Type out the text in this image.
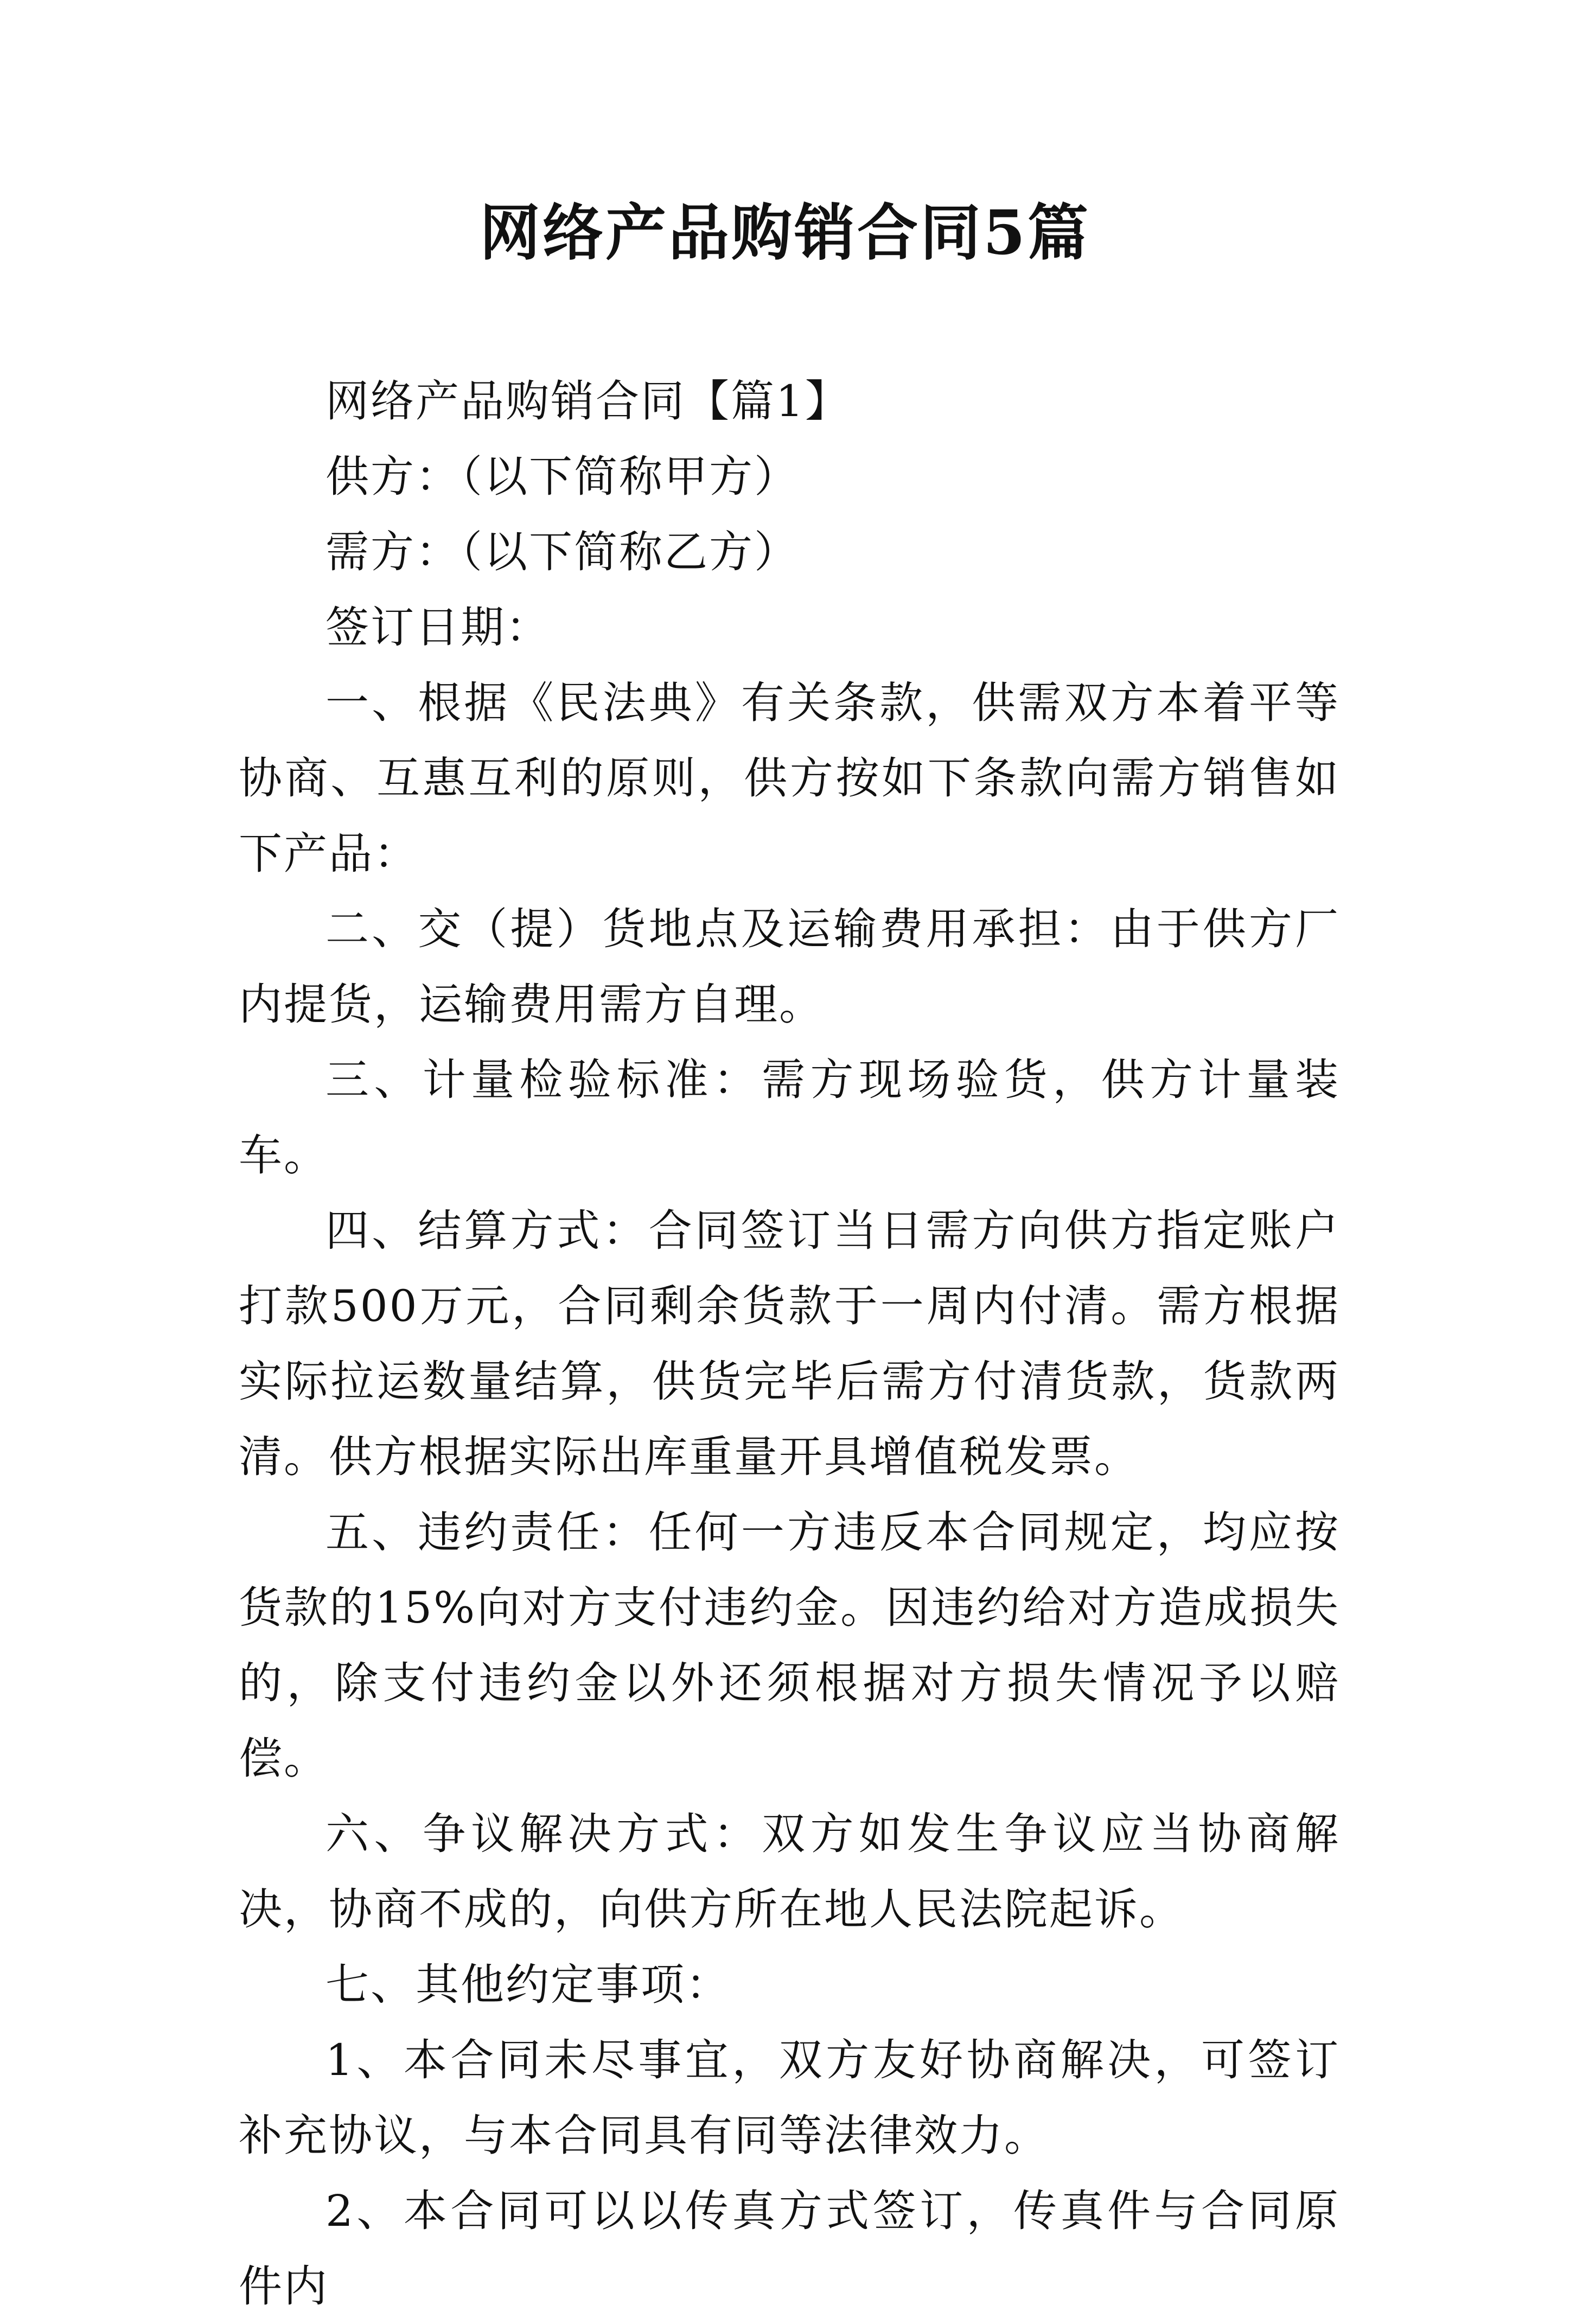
网络产品购销合同5篇

网络产品购销合同【篇1】

供方：（以下简称甲方）

需方：（以下简称乙方）

签订日期：

一、根据《民法典》有关条款，供需双方本着平等协商、互惠互利的原则，供方按如下条款向需方销售如下产品：

二、交（提）货地点及运输费用承担：由于供方厂内提货，运输费用需方自理。

三、计量检验标准：需方现场验货，供方计量装车。

四、结算方式：合同签订当日需方向供方指定账户打款500万元，合同剩余货款于一周内付清。需方根据实际拉运数量结算，供货完毕后需方付清货款，货款两清。供方根据实际出库重量开具增值税发票。

五、违约责任：任何一方违反本合同规定，均应按货款的15%向对方支付违约金。因违约给对方造成损失的，除支付违约金以外还须根据对方损失情况予以赔偿。

六、争议解决方式：双方如发生争议应当协商解决，协商不成的，向供方所在地人民法院起诉。

七、其他约定事项：

1、本合同未尽事宜，双方友好协商解决，可签订补充协议，与本合同具有同等法律效力。

2、本合同可以以传真方式签订，传真件与合同原件内
